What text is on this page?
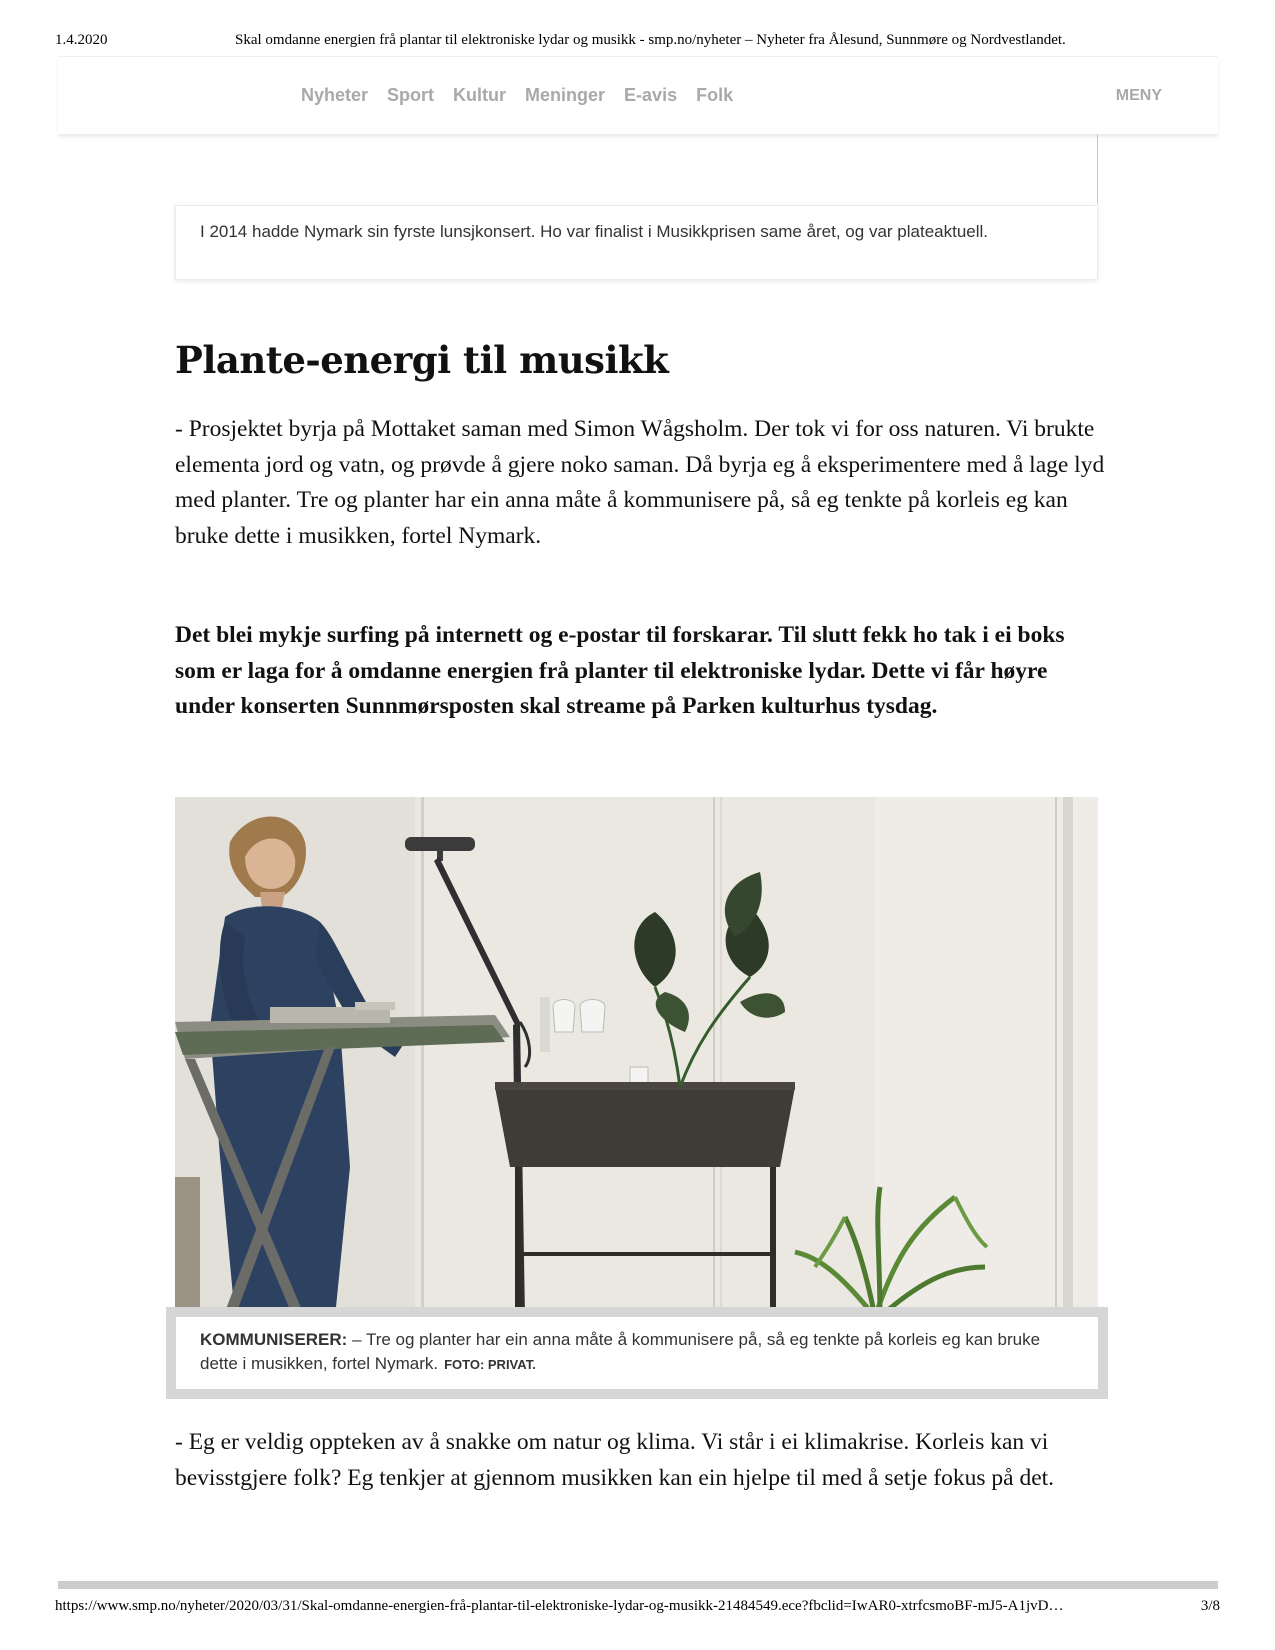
1.4.2020	Skal omdanne energien frå plantar til elektroniske lydar og musikk - smp.no/nyheter – Nyheter fra Ålesund, Sunnmøre og Nordvestlandet.
Nyheter Sport Kultur Meninger E-avis Folk	MENY
I 2014 hadde Nymark sin fyrste lunsjkonsert. Ho var finalist i Musikkprisen same året, og var plateaktuell.
Plante-energi til musikk

- Prosjektet byrja på Mottaket saman med Simon Wågsholm. Der tok vi for oss naturen. Vi brukte elementa jord og vatn, og prøvde å gjere noko saman. Då byrja eg å eksperimentere med å lage lyd med planter. Tre og planter har ein anna måte å kommunisere på, så eg tenkte på korleis eg kan bruke dette i musikken, fortel Nymark.

Det blei mykje surfing på internett og e-postar til forskarar. Til slutt fekk ho tak i ei boks som er laga for å omdanne energien frå planter til elektroniske lydar. Dette vi får høyre under konserten Sunnmørsposten skal streame på Parken kulturhus tysdag.

KOMMUNISERER: – Tre og planter har ein anna måte å kommunisere på, så eg tenkte på korleis eg kan bruke dette i musikken, fortel Nymark. FOTO: PRIVAT.

- Eg er veldig oppteken av å snakke om natur og klima. Vi står i ei klimakrise. Korleis kan vi bevisstgjere folk? Eg tenkjer at gjennom musikken kan ein hjelpe til med å setje fokus på det.

https://www.smp.no/nyheter/2020/03/31/Skal-omdanne-energien-frå-plantar-til-elektroniske-lydar-og-musikk-21484549.ece?fbclid=IwAR0-xtrfcsmoBF-mJ5-A1jvD…	3/8
